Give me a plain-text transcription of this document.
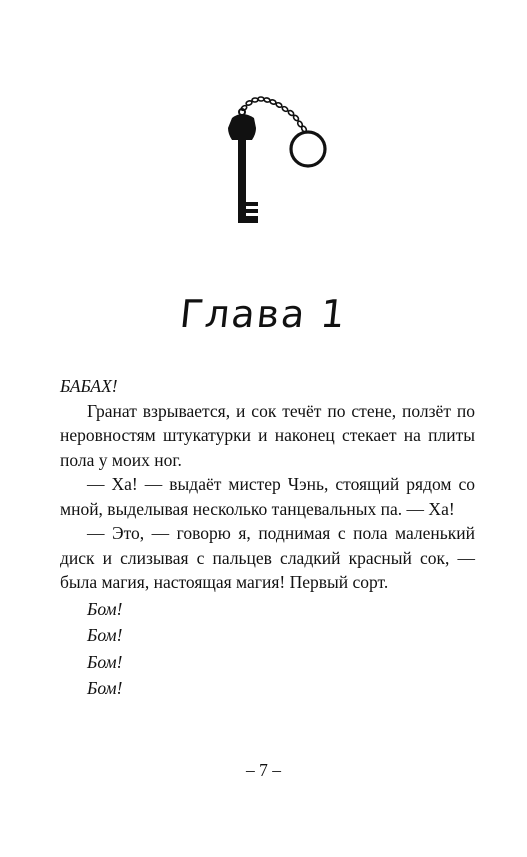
Глава 1

БАБАХ!

Гранат взрывается, и сок течёт по стене, ползёт по неровностям штукатурки и наконец стекает на плиты пола у моих ног.

— Ха! — выдаёт мистер Чэнь, стоящий рядом со мной, выделывая несколько танцевальных па. — Ха!

— Это, — говорю я, поднимая с пола маленький диск и слизывая с пальцев сладкий красный сок, — была магия, настоящая магия! Первый сорт.

Бом!

Бом!

Бом!

Бом!

– 7 –
